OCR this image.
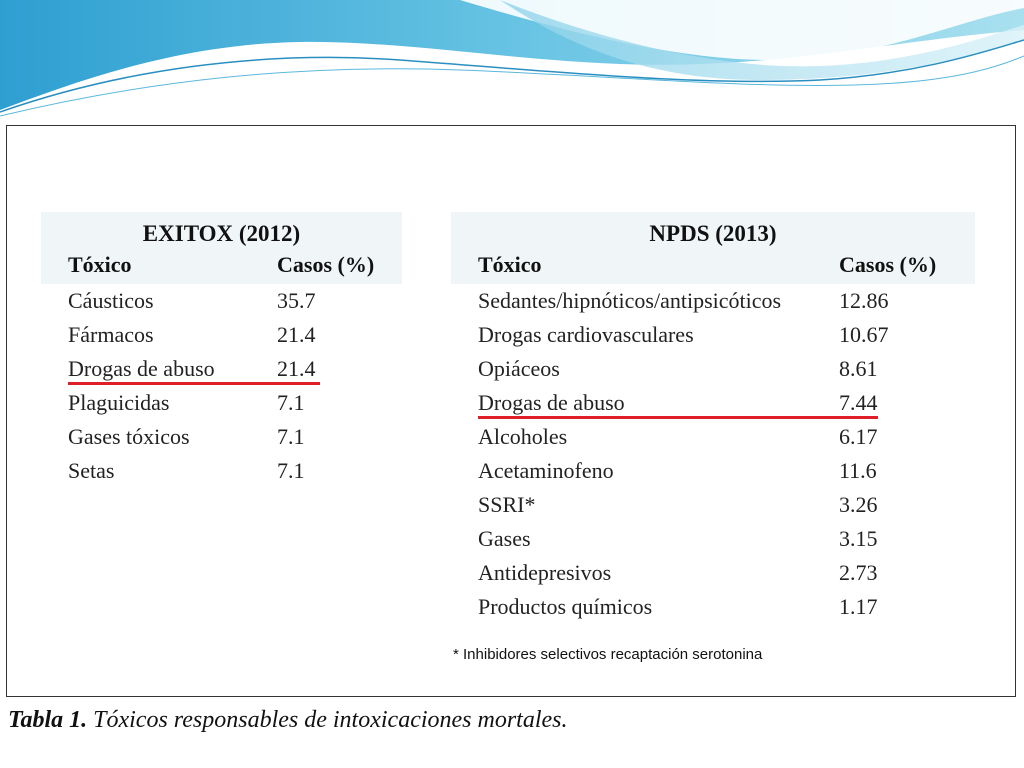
EXITOX (2012)
Tóxico	Casos (%)
Cáusticos	35.7
Fármacos	21.4
Drogas de abuso	21.4
Plaguicidas	7.1
Gases tóxicos	7.1
Setas	7.1
NPDS (2013)
Tóxico	Casos (%)
Sedantes/hipnóticos/antipsicóticos	12.86
Drogas cardiovasculares	10.67
Opiáceos	8.61
Drogas de abuso	7.44
Alcoholes	6.17
Acetaminofeno	11.6
SSRI*	3.26
Gases	3.15
Antidepresivos	2.73
Productos químicos	1.17
* Inhibidores selectivos recaptación serotonina
Tabla 1. Tóxicos responsables de intoxicaciones mortales.
